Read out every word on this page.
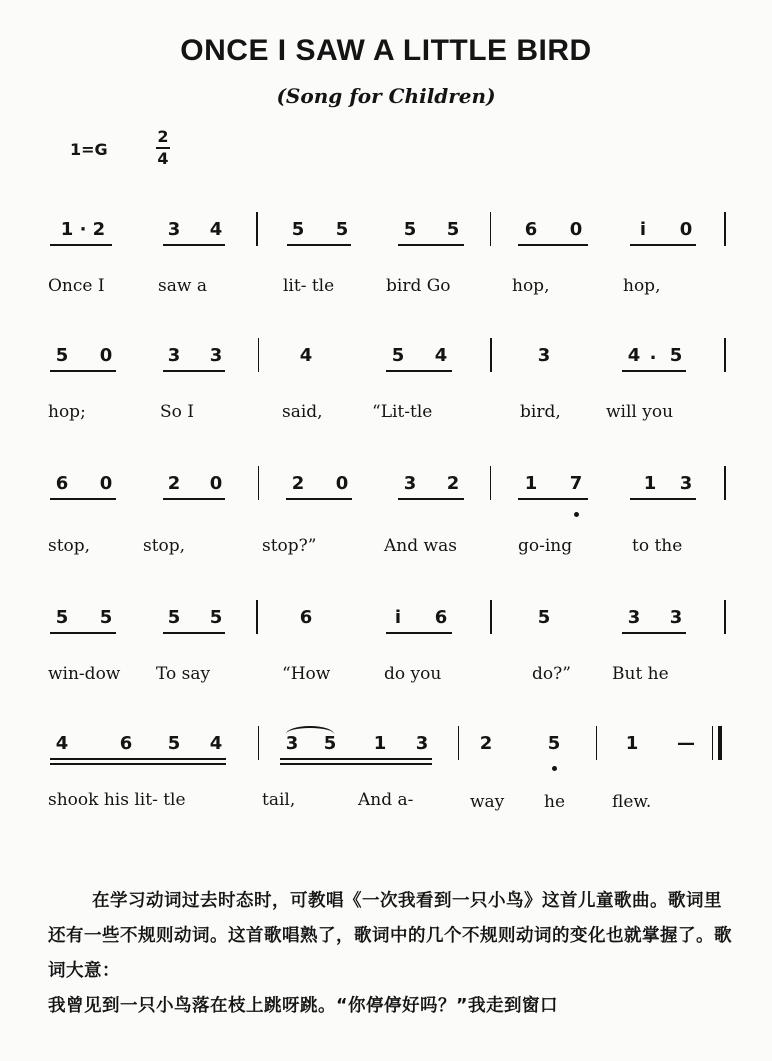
ONCE I SAW A LITTLE BIRD
(Song for Children)
1=G
2
4
1 · 2	3 4	5 5	5 5	6 0	i	0
Once I	saw a	lit- tle	bird Go	hop,	hop,
5 0	3 3	4	5 4	3	4 . 5
hop;	So I	said,	“Lit-tle	bird,	will you
6 0	2 0	2 0	3 2	1 7	1 3
stop,	stop,	stop?”	And was	go-ing	to the
5 5	5 5	6	i	6	5	3 3
win-dow To say	“How	do you	do?” But he
4	6 5 4	3 5 1 3	2	5	1 —
shook his lit- tle	tail,	And a-	way he	flew.

在学习动词过去时态时，可教唱《一次我看到一只小鸟》这首儿童歌曲。歌词里还有一些不规则动词。这首歌唱熟了，歌词中的几个不规则动词的变化也就掌握了。歌词大意：

我曾见到一只小鸟落在枝上跳呀跳。“你停停好吗？”我走到窗口
